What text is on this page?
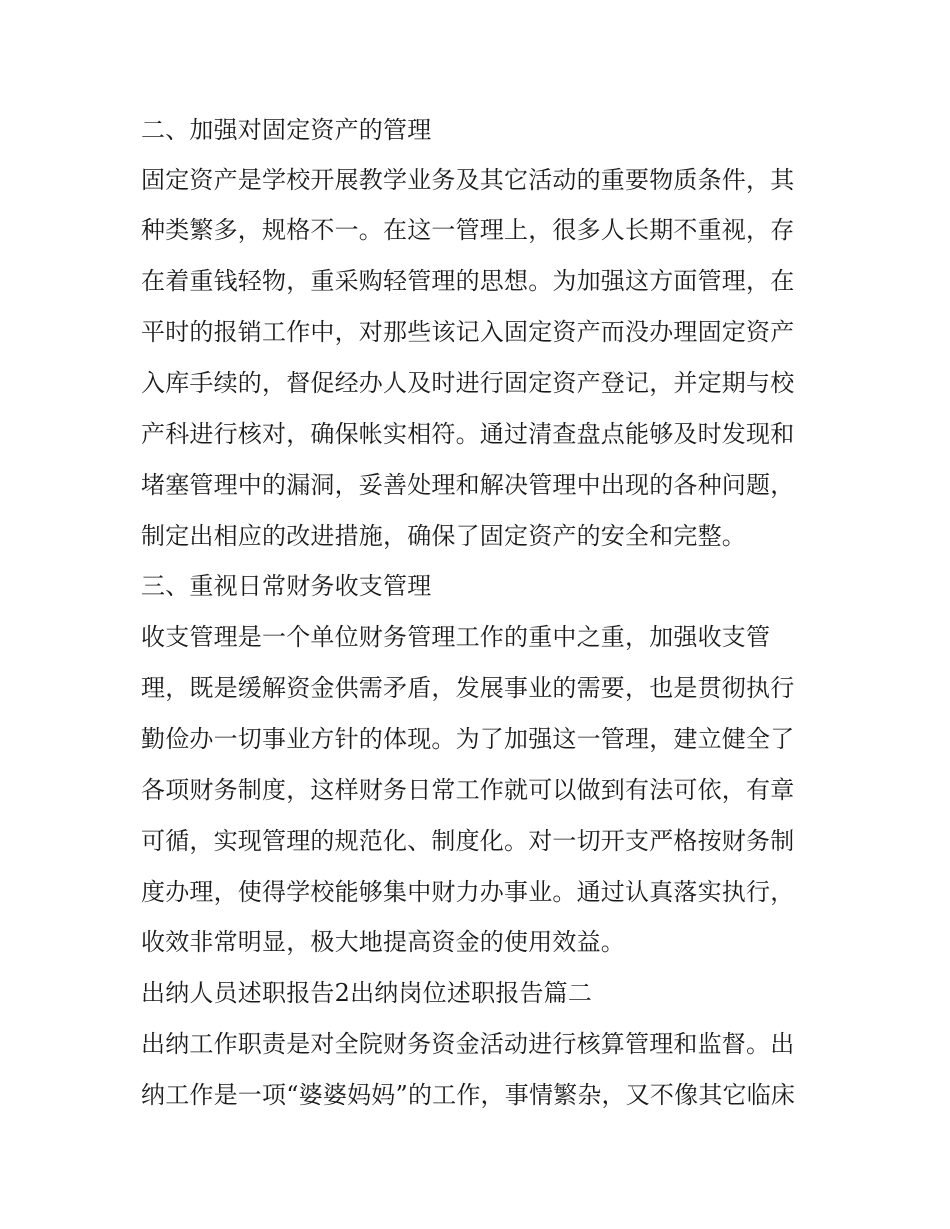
二、加强对固定资产的管理
固定资产是学校开展教学业务及其它活动的重要物质条件，其
种类繁多，规格不一。在这一管理上，很多人长期不重视，存
在着重钱轻物，重采购轻管理的思想。为加强这方面管理，在
平时的报销工作中，对那些该记入固定资产而没办理固定资产
入库手续的，督促经办人及时进行固定资产登记，并定期与校
产科进行核对，确保帐实相符。通过清查盘点能够及时发现和
堵塞管理中的漏洞，妥善处理和解决管理中出现的各种问题，
制定出相应的改进措施，确保了固定资产的安全和完整。
三、重视日常财务收支管理
收支管理是一个单位财务管理工作的重中之重，加强收支管
理，既是缓解资金供需矛盾，发展事业的需要，也是贯彻执行
勤俭办一切事业方针的体现。为了加强这一管理，建立健全了
各项财务制度，这样财务日常工作就可以做到有法可依，有章
可循，实现管理的规范化、制度化。对一切开支严格按财务制
度办理，使得学校能够集中财力办事业。通过认真落实执行，
收效非常明显，极大地提高资金的使用效益。
出纳人员述职报告2出纳岗位述职报告篇二
出纳工作职责是对全院财务资金活动进行核算管理和监督。出
纳工作是一项“婆婆妈妈”的工作，事情繁杂，又不像其它临床
